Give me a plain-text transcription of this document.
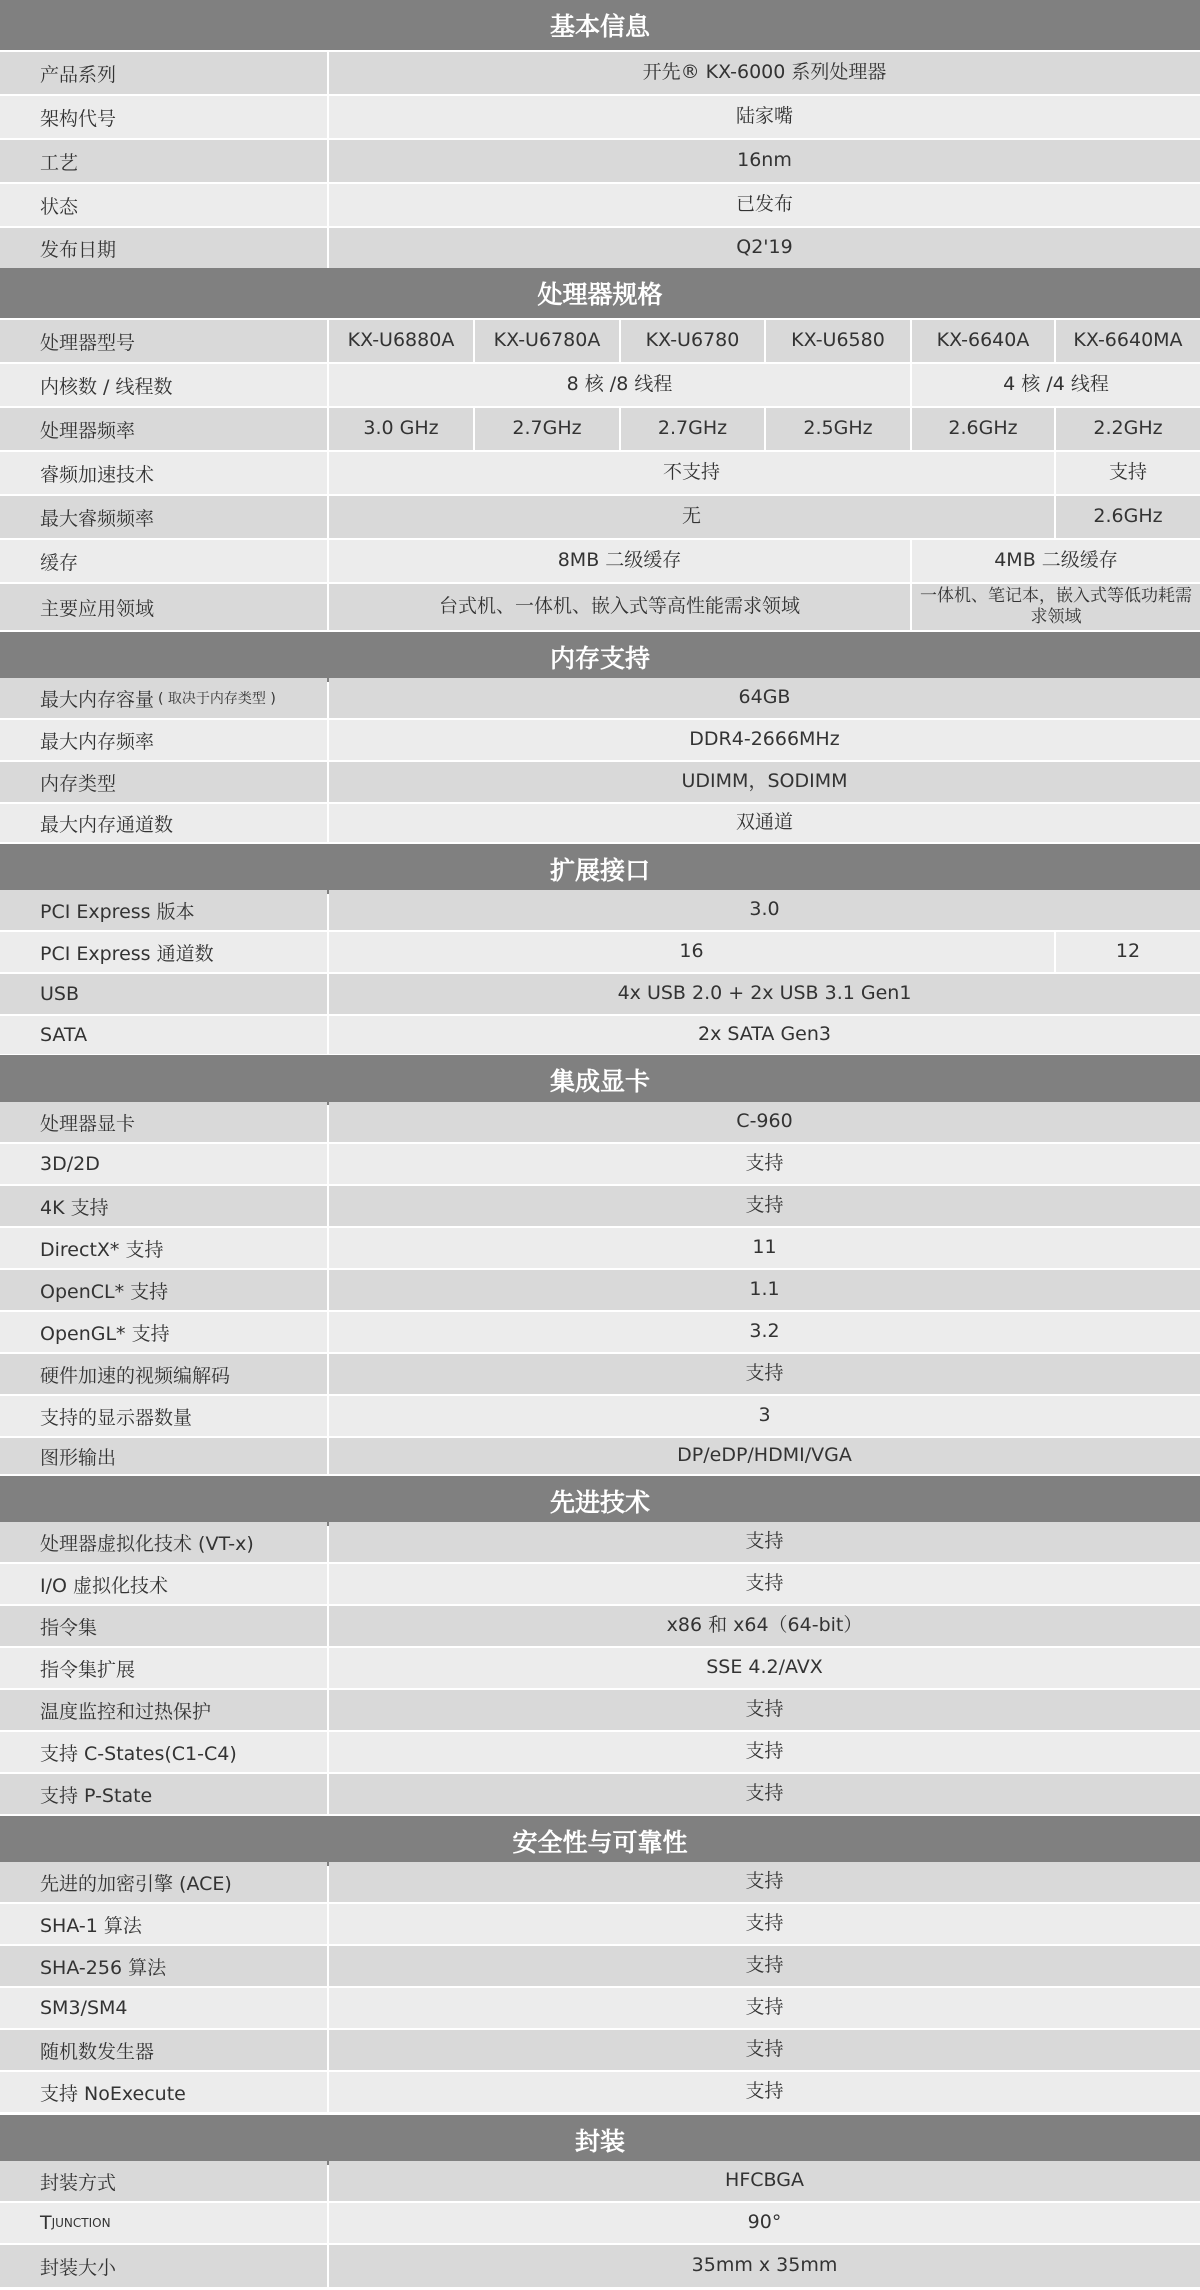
基本信息
产品系列	开先® KX-6000 系列处理器
架构代号	陆家嘴
工艺	16nm
状态	已发布
发布日期	Q2'19
处理器规格
处理器型号	KX-U6880A	KX-U6780A	KX-U6780	KX-U6580	KX-6640A	KX-6640MA
内核数 / 线程数	8 核 /8 线程	4 核 /4 线程
处理器频率	3.0 GHz	2.7GHz	2.7GHz	2.5GHz	2.6GHz	2.2GHz
睿频加速技术	不支持	支持
最大睿频频率	无	2.6GHz
缓存	8MB 二级缓存	4MB 二级缓存
主要应用领域	台式机、一体机、嵌入式等高性能需求领域	一体机、笔记本，嵌入式等低功耗需求领域
内存支持
最大内存容量 ( 取决于内存类型 )	64GB
最大内存频率	DDR4-2666MHz
内存类型	UDIMM，SODIMM
最大内存通道数	双通道
扩展接口
PCI Express 版本	3.0
PCI Express 通道数	16	12
USB	4x USB 2.0 + 2x USB 3.1 Gen1
SATA	2x SATA Gen3
集成显卡
处理器显卡	C-960
3D/2D	支持
4K 支持	支持
DirectX* 支持	11
OpenCL* 支持	1.1
OpenGL* 支持	3.2
硬件加速的视频编解码	支持
支持的显示器数量	3
图形输出	DP/eDP/HDMI/VGA
先进技术
处理器虚拟化技术 (VT-x)	支持
I/O 虚拟化技术	支持
指令集	x86 和 x64（64-bit）
指令集扩展	SSE 4.2/AVX
温度监控和过热保护	支持
支持 C-States(C1-C4)	支持
支持 P-State	支持
安全性与可靠性
先进的加密引擎 (ACE)	支持
SHA-1 算法	支持
SHA-256 算法	支持
SM3/SM4	支持
随机数发生器	支持
支持 NoExecute	支持
封装
T JUNCTION	90°
封装方式	HFCBGA
封装大小	35mm x 35mm
